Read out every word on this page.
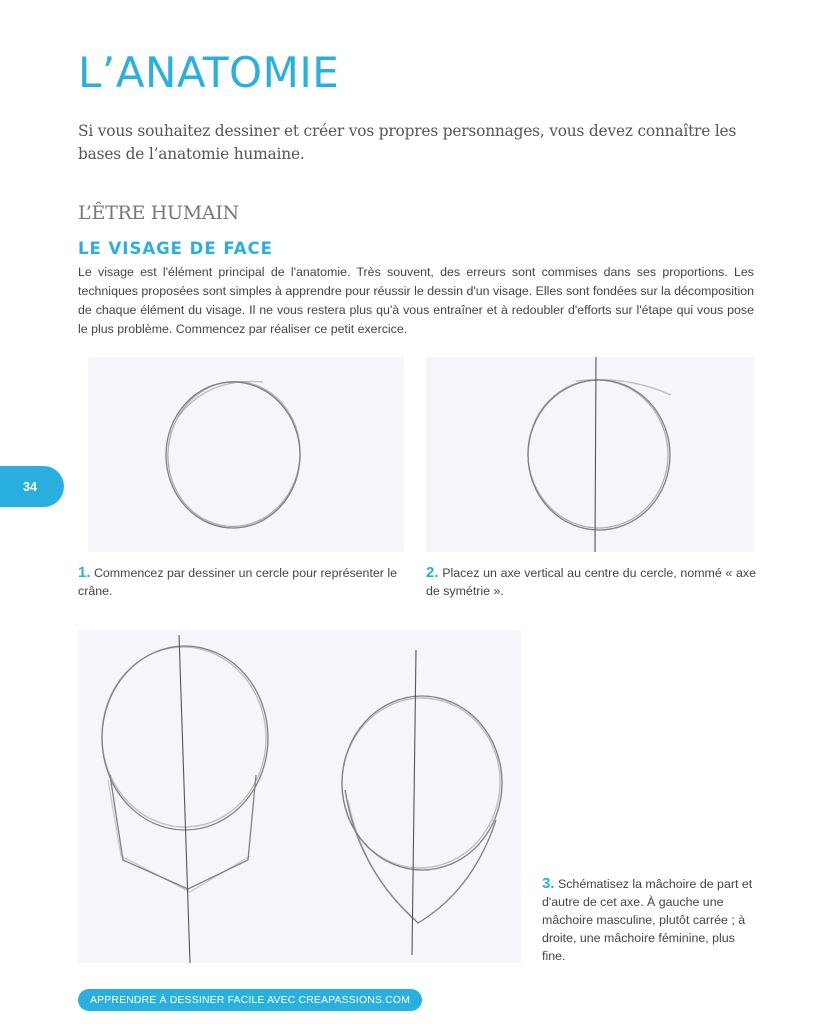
L’ANATOMIE

Si vous souhaitez dessiner et créer vos propres personnages, vous devez connaître les bases de l’anatomie humaine.

L’ÊTRE HUMAIN
LE VISAGE DE FACE

Le visage est l'élément principal de l'anatomie. Très souvent, des erreurs sont commises dans ses proportions. Les techniques proposées sont simples à apprendre pour réussir le dessin d'un visage. Elles sont fondées sur la décomposition de chaque élément du visage. Il ne vous restera plus qu'à vous entraîner et à redoubler d'efforts sur l'étape qui vous pose le plus problème. Commencez par réaliser ce petit exercice.

34

1. Commencez par dessiner un cercle pour représenter le crâne.

2. Placez un axe vertical au centre du cercle, nommé « axe de symétrie ».

3. Schématisez la mâchoire de part et d'autre de cet axe. À gauche une mâchoire masculine, plutôt carrée ; à droite, une mâchoire féminine, plus fine.

APPRENDRE À DESSINER FACILE AVEC CREAPASSIONS.COM
